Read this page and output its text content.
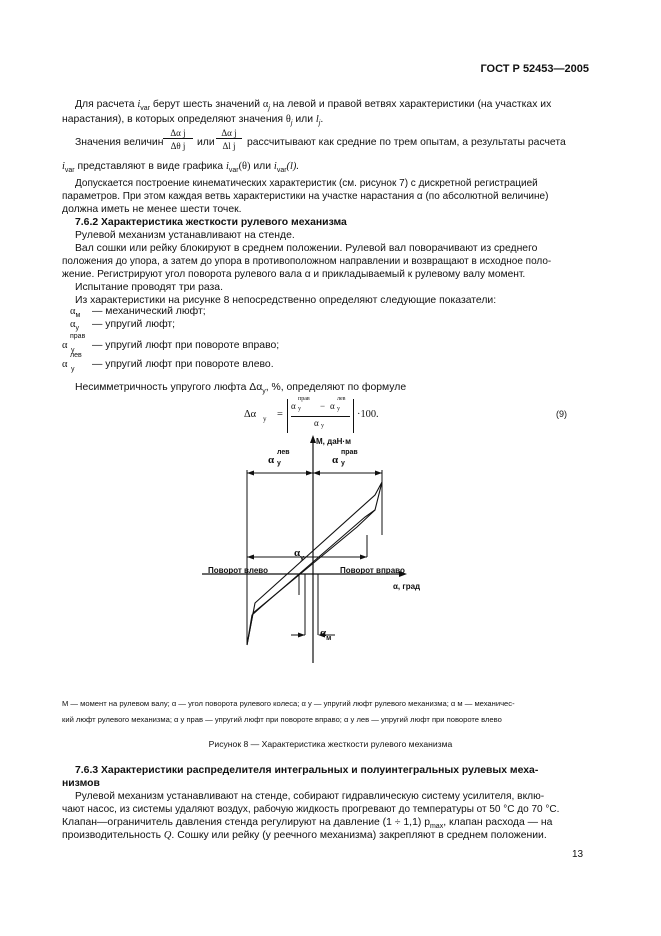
ГОСТ Р 52453—2005
Для расчета $i_{var}$ берут шесть значений $\alpha_j$ на левой и правой ветвях характеристики (на участках их
нарастания), в которых определяют значения $\theta_j$ или $l_j$.
Значения величин
Δα j
Δθ j	или
Δα j
Δl j	рассчитывают как средние по трем опытам, а результаты расчета
$i_{var}$ представляют в виде графика $i_{var}(\theta)$ или $i_{var}(l)$.
Допускается построение кинематических характеристик (см. рисунок 7) с дискретной регистрацией
параметров. При этом каждая ветвь характеристики на участке нарастания α (по абсолютной величине)
должна иметь не менее шести точек.
7.6.2 Характеристика жесткости рулевого механизма
Рулевой механизм устанавливают на стенде.
Вал сошки или рейку блокируют в среднем положении. Рулевой вал поворачивают из среднего
положения до упора, а затем до упора в противоположном направлении и возвращают в исходное поло-
жение. Регистрируют угол поворота рулевого вала α и прикладываемый к рулевому валу момент.
Испытание проводят три раза.
Из характеристики на рисунке 8 непосредственно определяют следующие показатели:
$\alpha_м$ — механический люфт;
$\alpha_у$ — упругий люфт;
α
прав
у — упругий люфт при повороте вправо;
α
лев
у — упругий люфт при повороте влево.
Несимметричность упругого люфта $\Delta\alpha_у$, %, определяют по формуле
Δα у =
α
прав
у − α
лев
у
α у
·100.	(9)
M, даН·м
α
лев
у	α
прав
у
$\alpha_у$
Поворот влево	Поворот вправо
α, град
$\alpha_м$
M — момент на рулевом валу; α — угол поворота рулевого колеса; α у — упругий люфт рулевого механизма; α м — механичес-
кий люфт рулевого механизма; α у прав — упругий люфт при повороте вправо; α у лев — упругий люфт при повороте влево
Рисунок 8 — Характеристика жесткости рулевого механизма
7.6.3 Характеристики распределителя интегральных и полуинтегральных рулевых меха-
низмов
Рулевой механизм устанавливают на стенде, собирают гидравлическую систему усилителя, вклю-
чают насос, из системы удаляют воздух, рабочую жидкость прогревают до температуры от 50 °С до 70 °С.
Клапан—ограничитель давления стенда регулируют на давление (1 ÷ 1,1) $p_{max}$, клапан расхода — на
производительность Q. Сошку или рейку (у реечного механизма) закрепляют в среднем положении.
13
